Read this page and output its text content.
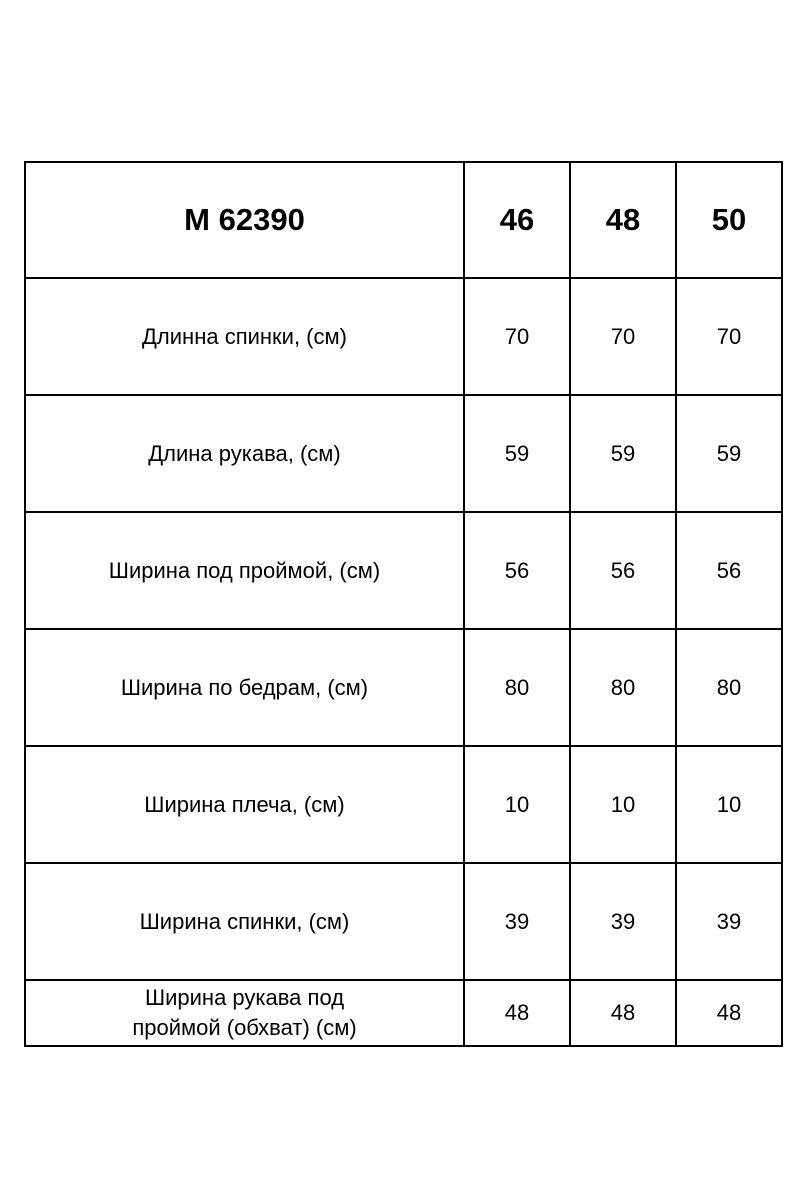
М 62390	46	48	50
Длинна спинки, (см)	70	70	70
Длина рукава, (см)	59	59	59
Ширина под проймой, (см)	56	56	56
Ширина по бедрам, (см)	80	80	80
Ширина плеча, (см)	10	10	10
Ширина спинки, (см)	39	39	39
Ширина рукава под проймой (обхват) (см)	48	48	48
